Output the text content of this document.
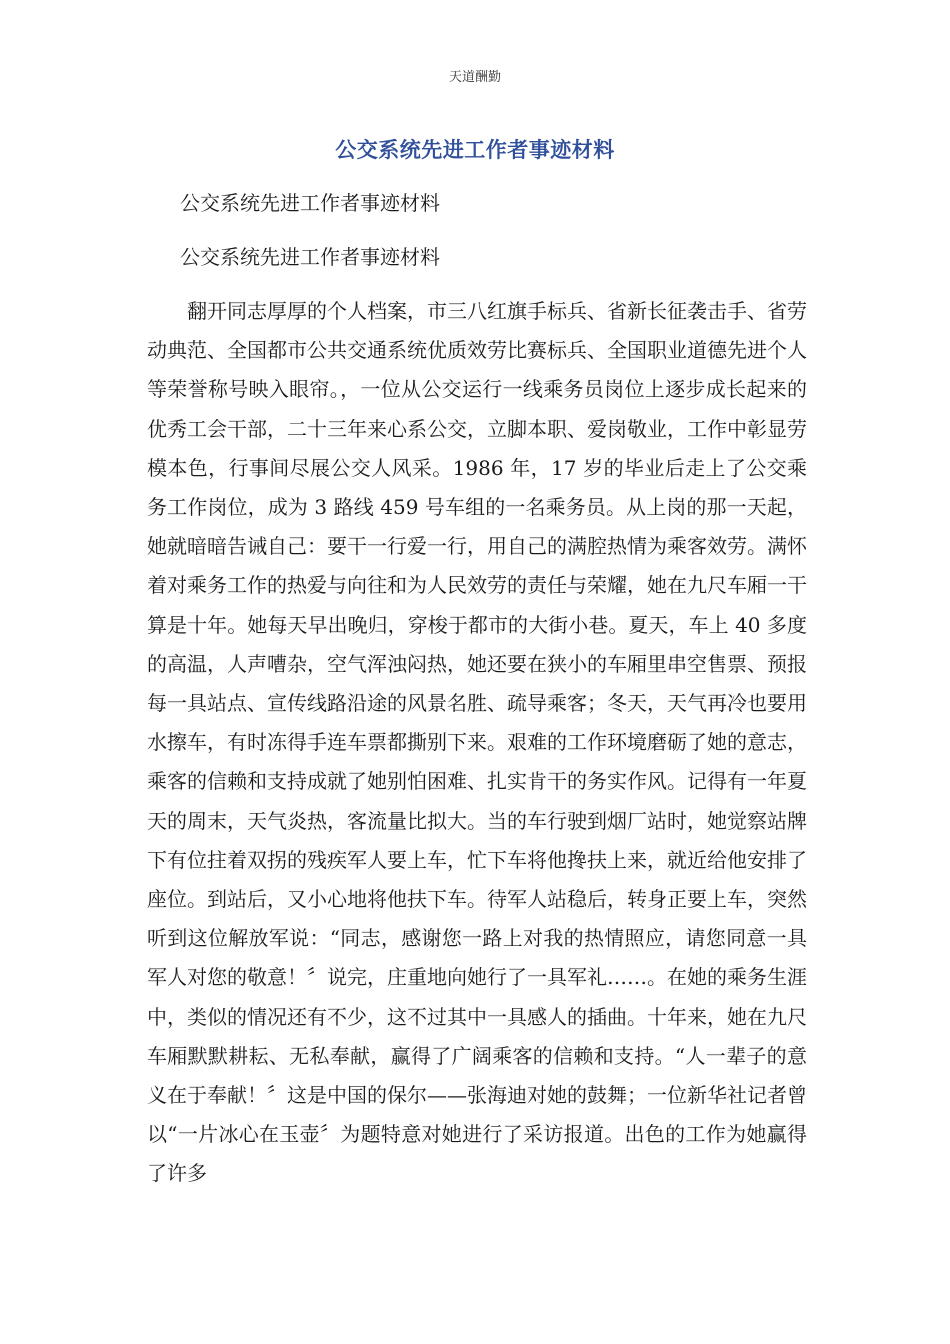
天道酬勤
公交系统先进工作者事迹材料
公交系统先进工作者事迹材料
公交系统先进工作者事迹材料

翻开同志厚厚的个人档案，市三八红旗手标兵、省新长征袭击手、省劳动典范、全国都市公共交通系统优质效劳比赛标兵、全国职业道德先进个人等荣誉称号映入眼帘。，一位从公交运行一线乘务员岗位上逐步成长起来的优秀工会干部，二十三年来心系公交，立脚本职、爱岗敬业，工作中彰显劳模本色，行事间尽展公交人风采。1986 年，17 岁的毕业后走上了公交乘务工作岗位，成为 3 路线 459 号车组的一名乘务员。从上岗的那一天起，她就暗暗告诫自己：要干一行爱一行，用自己的满腔热情为乘客效劳。满怀着对乘务工作的热爱与向往和为人民效劳的责任与荣耀，她在九尺车厢一干算是十年。她每天早出晚归，穿梭于都市的大街小巷。夏天，车上 40 多度的高温，人声嘈杂，空气浑浊闷热，她还要在狭小的车厢里串空售票、预报每一具站点、宣传线路沿途的风景名胜、疏导乘客；冬天，天气再冷也要用水擦车，有时冻得手连车票都撕别下来。艰难的工作环境磨砺了她的意志，乘客的信赖和支持成就了她别怕困难、扎实肯干的务实作风。记得有一年夏天的周末，天气炎热，客流量比拟大。当的车行驶到烟厂站时，她觉察站牌下有位拄着双拐的残疾军人要上车，忙下车将他搀扶上来，就近给他安排了座位。到站后，又小心地将他扶下车。待军人站稳后，转身正要上车，突然听到这位解放军说：“同志，感谢您一路上对我的热情照应，请您同意一具军人对您的敬意！〞说完，庄重地向她行了一具军礼……。在她的乘务生涯中，类似的情况还有不少，这不过其中一具感人的插曲。十年来，她在九尺车厢默默耕耘、无私奉献，赢得了广阔乘客的信赖和支持。“人一辈子的意义在于奉献！〞这是中国的保尔——张海迪对她的鼓舞；一位新华社记者曾以“一片冰心在玉壶〞为题特意对她进行了采访报道。出色的工作为她赢得了许多
